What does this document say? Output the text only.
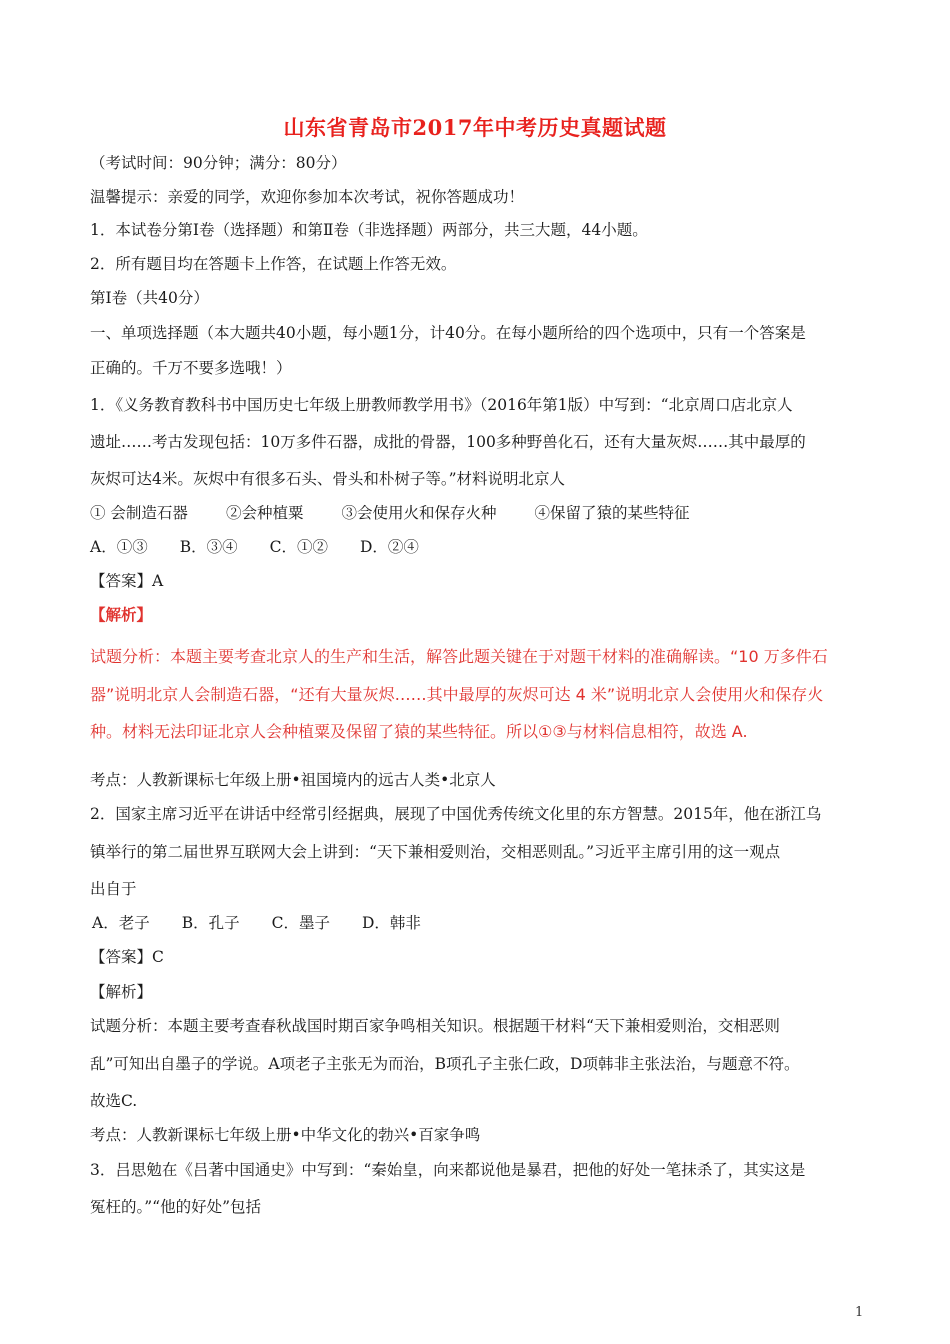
山东省青岛市2017年中考历史真题试题
（考试时间：90分钟；满分：80分）
温馨提示：亲爱的同学，欢迎你参加本次考试，祝你答题成功！
1．本试卷分第Ⅰ卷（选择题）和第Ⅱ卷（非选择题）两部分，共三大题，44小题。
2．所有题目均在答题卡上作答，在试题上作答无效。
第Ⅰ卷（共40分）
一、单项选择题（本大题共40小题，每小题1分，计40分。在每小题所给的四个选项中，只有一个答案是
正确的。千万不要多选哦！）
1．《义务教育教科书中国历史七年级上册教师教学用书》（2016年第1版）中写到：“北京周口店北京人
遗址……考古发现包括：10万多件石器，成批的骨器，100多种野兽化石，还有大量灰烬……其中最厚的
灰烬可达4米。灰烬中有很多石头、骨头和朴树子等。”材料说明北京人
① 会制造石器 ②会种植粟 ③会使用火和保存火种 ④保留了猿的某些特征
A．①③ B．③④ C．①② D．②④
【答案】A
【解析】
试题分析：本题主要考查北京人的生产和生活，解答此题关键在于对题干材料的准确解读。“10 万多件石
器”说明北京人会制造石器，“还有大量灰烬……其中最厚的灰烬可达 4 米”说明北京人会使用火和保存火
种。材料无法印证北京人会种植粟及保留了猿的某些特征。所以①③与材料信息相符，故选 A.
考点：人教新课标七年级上册•祖国境内的远古人类•北京人
2．国家主席习近平在讲话中经常引经据典，展现了中国优秀传统文化里的东方智慧。2015年，他在浙江乌
镇举行的第二届世界互联网大会上讲到：“天下兼相爱则治，交相恶则乱。”习近平主席引用的这一观点
出自于
A．老子 B．孔子 C．墨子 D．韩非
【答案】C
【解析】
试题分析：本题主要考查春秋战国时期百家争鸣相关知识。根据题干材料“天下兼相爱则治，交相恶则
乱”可知出自墨子的学说。A项老子主张无为而治，B项孔子主张仁政，D项韩非主张法治，与题意不符。
故选C.
考点：人教新课标七年级上册•中华文化的勃兴•百家争鸣
3．吕思勉在《吕著中国通史》中写到：“秦始皇，向来都说他是暴君，把他的好处一笔抹杀了，其实这是
冤枉的。”“他的好处”包括
1
